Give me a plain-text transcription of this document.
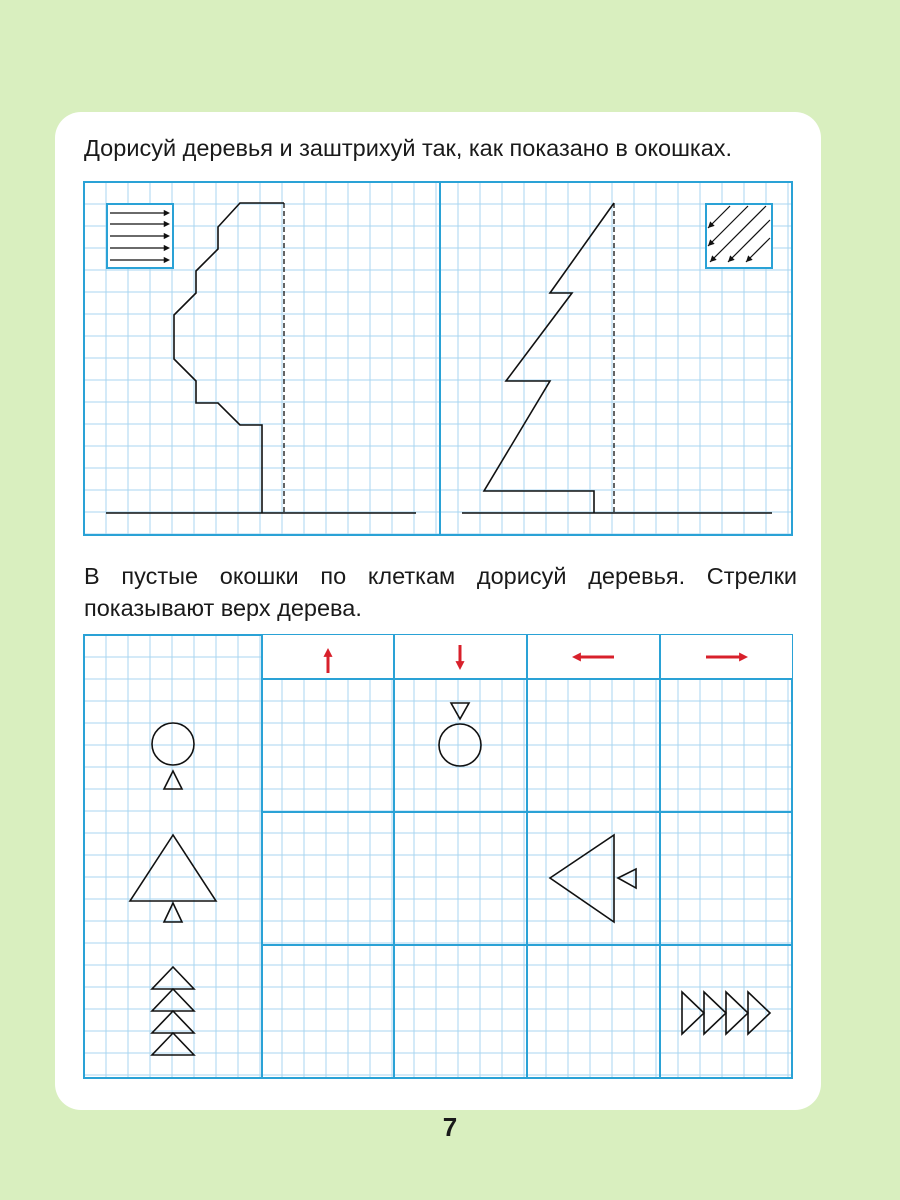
Дорисуй деревья и заштрихуй так, как показано в окошках.

В пустые окошки по клеткам дорисуй деревья. Стрелки
показывают верх дерева.

7
